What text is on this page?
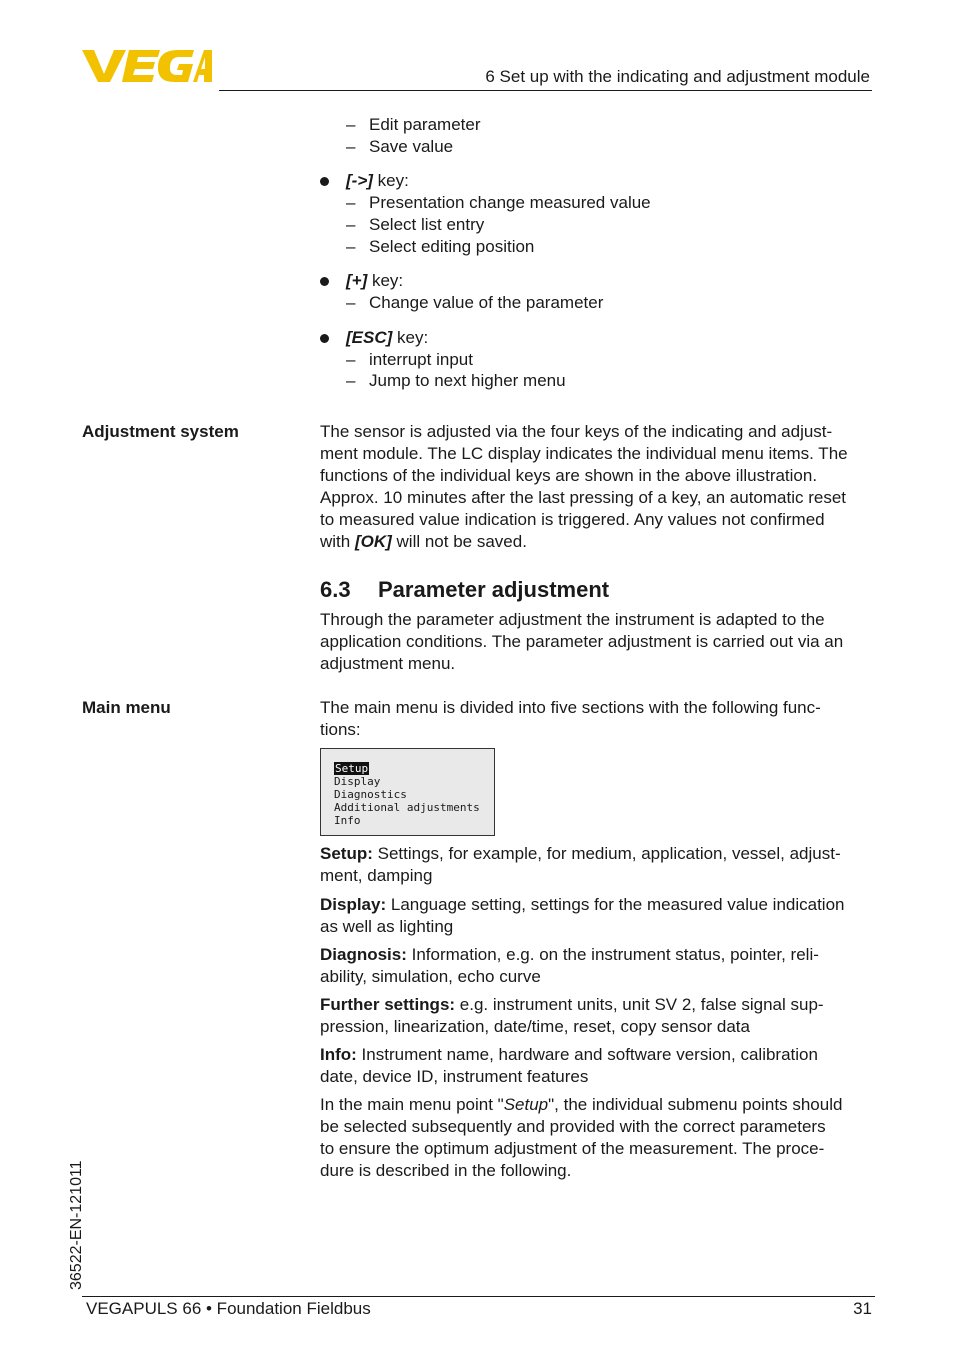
6 Set up with the indicating and adjustment module
– Edit parameter
– Save value
[->] key:
– Presentation change measured value
– Select list entry
– Select editing position
[+] key:
– Change value of the parameter
[ESC] key:
– interrupt input
– Jump to next higher menu
Adjustment system	The sensor is adjusted via the four keys of the indicating and adjust-

ment module. The LC display indicates the individual menu items. The

functions of the individual keys are shown in the above illustration.

Approx. 10 minutes after the last pressing of a key, an automatic reset

to measured value indication is triggered. Any values not confirmed

with [OK] will not be saved.

6.3 Parameter adjustment

Through the parameter adjustment the instrument is adapted to the

application conditions. The parameter adjustment is carried out via an

adjustment menu.

Main menu	The main menu is divided into five sections with the following func-

tions:

Setup
Display
Diagnostics
Additional adjustments
Info

Setup: Settings, for example, for medium, application, vessel, adjust-

ment, damping

Display: Language setting, settings for the measured value indication

as well as lighting

Diagnosis: Information, e.g. on the instrument status, pointer, reli-

ability, simulation, echo curve

Further settings: e.g. instrument units, unit SV 2, false signal sup-

pression, linearization, date/time, reset, copy sensor data

Info: Instrument name, hardware and software version, calibration

date, device ID, instrument features

In the main menu point "Setup", the individual submenu points should

be selected subsequently and provided with the correct parameters

to ensure the optimum adjustment of the measurement. The proce-

dure is described in the following.

36522-EN-121011
VEGAPULS 66 • Foundation Fieldbus	31
